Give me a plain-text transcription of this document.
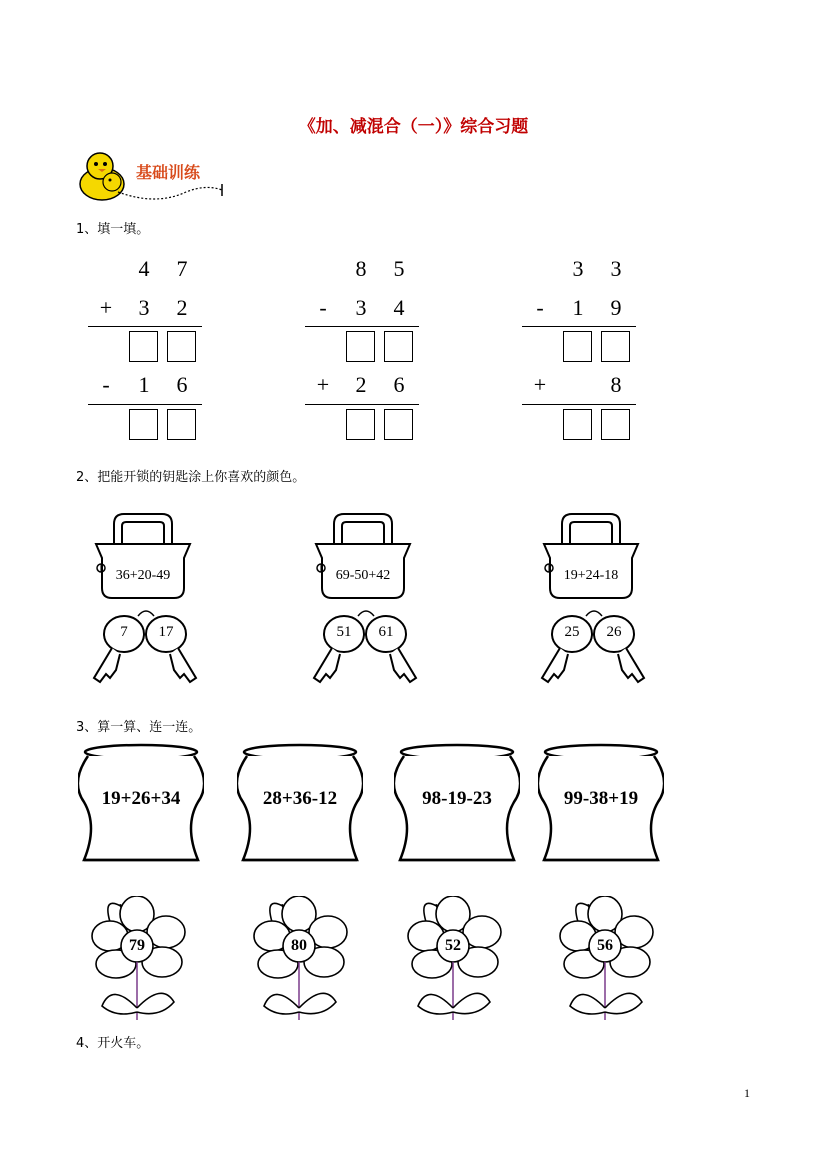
《加、减混合（一）》综合习题
基础训练
1、填一填。
4 7
+ 3 2
- 1 6
8 5
- 3 4
+ 2 6
3 3
- 1 9
+	8
2、把能开锁的钥匙涂上你喜欢的颜色。
36+20-49
7	17
69-50+42
51	61
19+24-18
25	26
3、算一算、连一连。
19+26+34	28+36-12	98-19-23	99-38+19
79	80	52	56
4、开火车。
1
